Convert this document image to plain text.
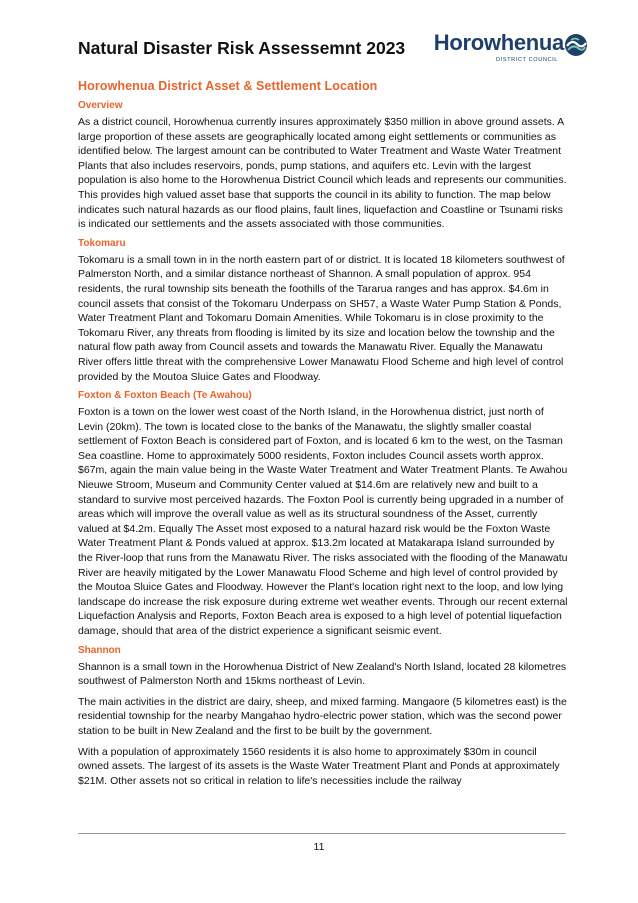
Natural Disaster Risk Assessemnt 2023 Horowhenua
DISTRICT COUNCIL
Horowhenua District Asset & Settlement Location
Overview

As a district council, Horowhenua currently insures approximately $350 million in above ground assets. A large proportion of these assets are geographically located among eight settlements or communities as identified below. The largest amount can be contributed to Water Treatment and Waste Water Treatment Plants that also includes reservoirs, ponds, pump stations, and aquifers etc. Levin with the largest population is also home to the Horowhenua District Council which leads and represents our communities. This provides high valued asset base that supports the council in its ability to function. The map below indicates such natural hazards as our flood plains, fault lines, liquefaction and Coastline or Tsunami risks is indicated our settlements and the assets associated with those communities.

Tokomaru

Tokomaru is a small town in in the north eastern part of or district. It is located 18 kilometers southwest of Palmerston North, and a similar distance northeast of Shannon. A small population of approx. 954 residents, the rural township sits beneath the foothills of the Tararua ranges and has approx. $4.6m in council assets that consist of the Tokomaru Underpass on SH57, a Waste Water Pump Station & Ponds, Water Treatment Plant and Tokomaru Domain Amenities. While Tokomaru is in close proximity to the Tokomaru River, any threats from flooding is limited by its size and location below the township and the natural flow path away from Council assets and towards the Manawatu River. Equally the Manawatu River offers little threat with the comprehensive Lower Manawatu Flood Scheme and high level of control provided by the Moutoa Sluice Gates and Floodway.

Foxton & Foxton Beach (Te Awahou)

Foxton is a town on the lower west coast of the North Island, in the Horowhenua district, just north of Levin (20km). The town is located close to the banks of the Manawatu, the slightly smaller coastal settlement of Foxton Beach is considered part of Foxton, and is located 6 km to the west, on the Tasman Sea coastline. Home to approximately 5000 residents, Foxton includes Council assets worth approx. $67m, again the main value being in the Waste Water Treatment and Water Treatment Plants. Te Awahou Nieuwe Stroom, Museum and Community Center valued at $14.6m are relatively new and built to a standard to survive most perceived hazards. The Foxton Pool is currently being upgraded in a number of areas which will improve the overall value as well as its structural soundness of the Asset, currently valued at $4.2m. Equally The Asset most exposed to a natural hazard risk would be the Foxton Waste Water Treatment Plant & Ponds valued at approx. $13.2m located at Matakarapa Island surrounded by the River-loop that runs from the Manawatu River. The risks associated with the flooding of the Manawatu River are heavily mitigated by the Lower Manawatu Flood Scheme and high level of control provided by the Moutoa Sluice Gates and Floodway. However the Plant's location right next to the loop, and low lying landscape do increase the risk exposure during extreme wet weather events. Through our recent external Liquefaction Analysis and Reports, Foxton Beach area is exposed to a high level of potential liquefaction damage, should that area of the district experience a significant seismic event.

Shannon

Shannon is a small town in the Horowhenua District of New Zealand's North Island, located 28 kilometres southwest of Palmerston North and 15kms northeast of Levin.

The main activities in the district are dairy, sheep, and mixed farming. Mangaore (5 kilometres east) is the residential township for the nearby Mangahao hydro-electric power station, which was the second power station to be built in New Zealand and the first to be built by the government.

With a population of approximately 1560 residents it is also home to approximately $30m in council owned assets. The largest of its assets is the Waste Water Treatment Plant and Ponds at approximately $21M. Other assets not so critical in relation to life's necessities include the railway

11
